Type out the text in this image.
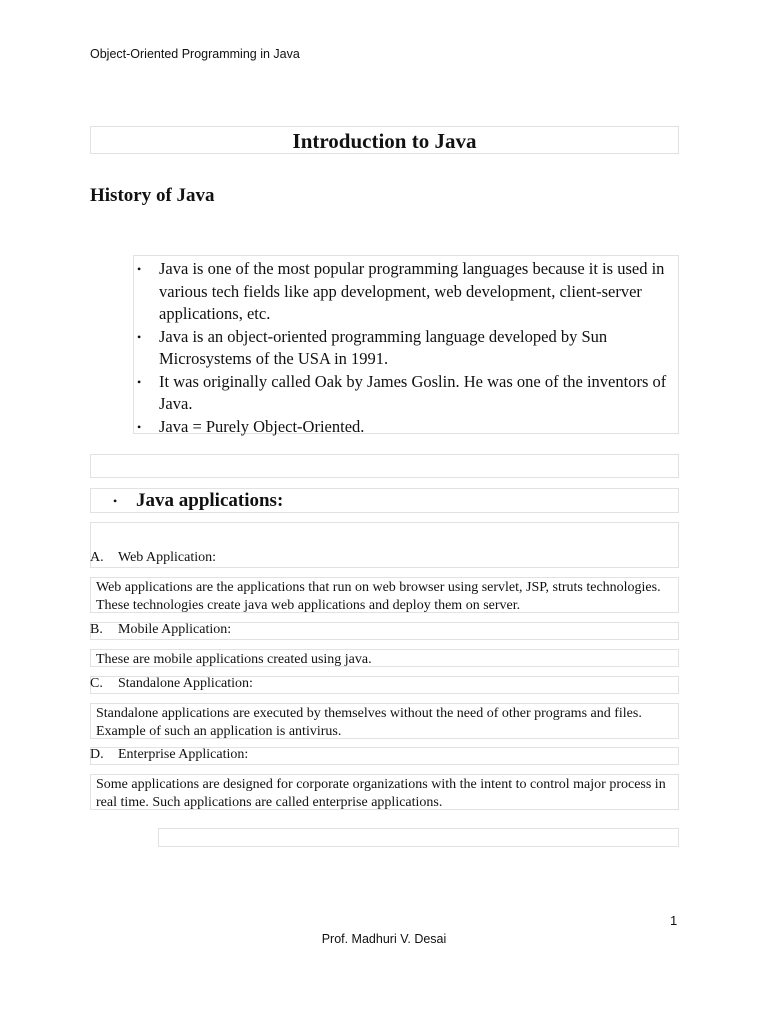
Object-Oriented Programming in Java
Introduction to Java
History of Java
• Java is one of the most popular programming languages because it is used in various tech fields like app development, web development, client-server applications, etc.
• Java is an object-oriented programming language developed by Sun Microsystems of the USA in 1991.
• It was originally called Oak by James Goslin. He was one of the inventors of Java.
• Java = Purely Object-Oriented.
• Java applications:
A. Web Application:
Web applications are the applications that run on web browser using servlet, JSP, struts technologies. These technologies create java web applications and deploy them on server.
B. Mobile Application:
These are mobile applications created using java.
C. Standalone Application:
Standalone applications are executed by themselves without the need of other programs and files. Example of such an application is antivirus.
D. Enterprise Application:
Some applications are designed for corporate organizations with the intent to control major process in real time. Such applications are called enterprise applications.
1
Prof. Madhuri V. Desai
